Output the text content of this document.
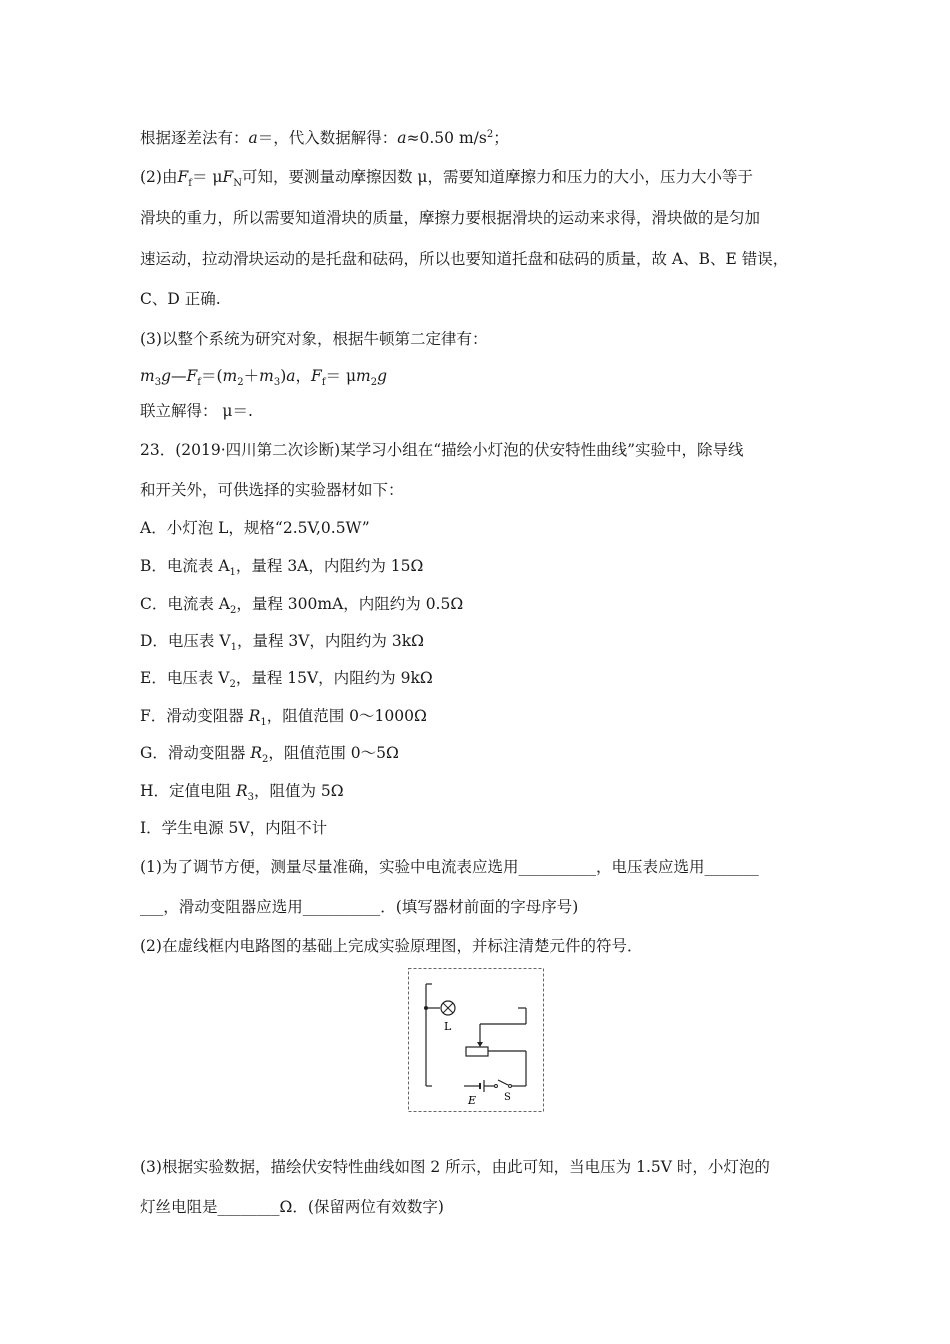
根据逐差法有：a＝，代入数据解得：a≈0.50 $m/s^2$；
(2)由$F_f= \mu F_N$可知，要测量动摩擦因数 μ，需要知道摩擦力和压力的大小，压力大小等于
滑块的重力，所以需要知道滑块的质量，摩擦力要根据滑块的运动来求得，滑块做的是匀加
速运动，拉动滑块运动的是托盘和砝码，所以也要知道托盘和砝码的质量，故 A、B、E 错误，
C、D 正确.
(3)以整个系统为研究对象，根据牛顿第二定律有：
$m_3g—F_f=(m_2+m_3)a$，$F_f= \mu m_2g$
联立解得： μ＝.
23．(2019·四川第二次诊断)某学习小组在“描绘小灯泡的伏安特性曲线”实验中，除导线
和开关外，可供选择的实验器材如下：
A．小灯泡 L，规格“2.5V,0.5W”
B．电流表 $A_1$，量程 3A，内阻约为 15Ω
C．电流表 $A_2$，量程 300mA，内阻约为 0.5Ω
D．电压表 $V_1$，量程 3V，内阻约为 3kΩ
E．电压表 $V_2$，量程 15V，内阻约为 9kΩ
F．滑动变阻器 $R_1$，阻值范围 0～1000Ω
G．滑动变阻器 $R_2$，阻值范围 0～5Ω
H．定值电阻 $R_3$，阻值为 5Ω
I．学生电源 5V，内阻不计
(1)为了调节方便，测量尽量准确，实验中电流表应选用__________，电压表应选用_______
___，滑动变阻器应选用__________．(填写器材前面的字母序号)
(2)在虚线框内电路图的基础上完成实验原理图，并标注清楚元件的符号．
L
E	S
(3)根据实验数据，描绘伏安特性曲线如图 2 所示，由此可知，当电压为 1.5V 时，小灯泡的
灯丝电阻是________Ω．(保留两位有效数字)
